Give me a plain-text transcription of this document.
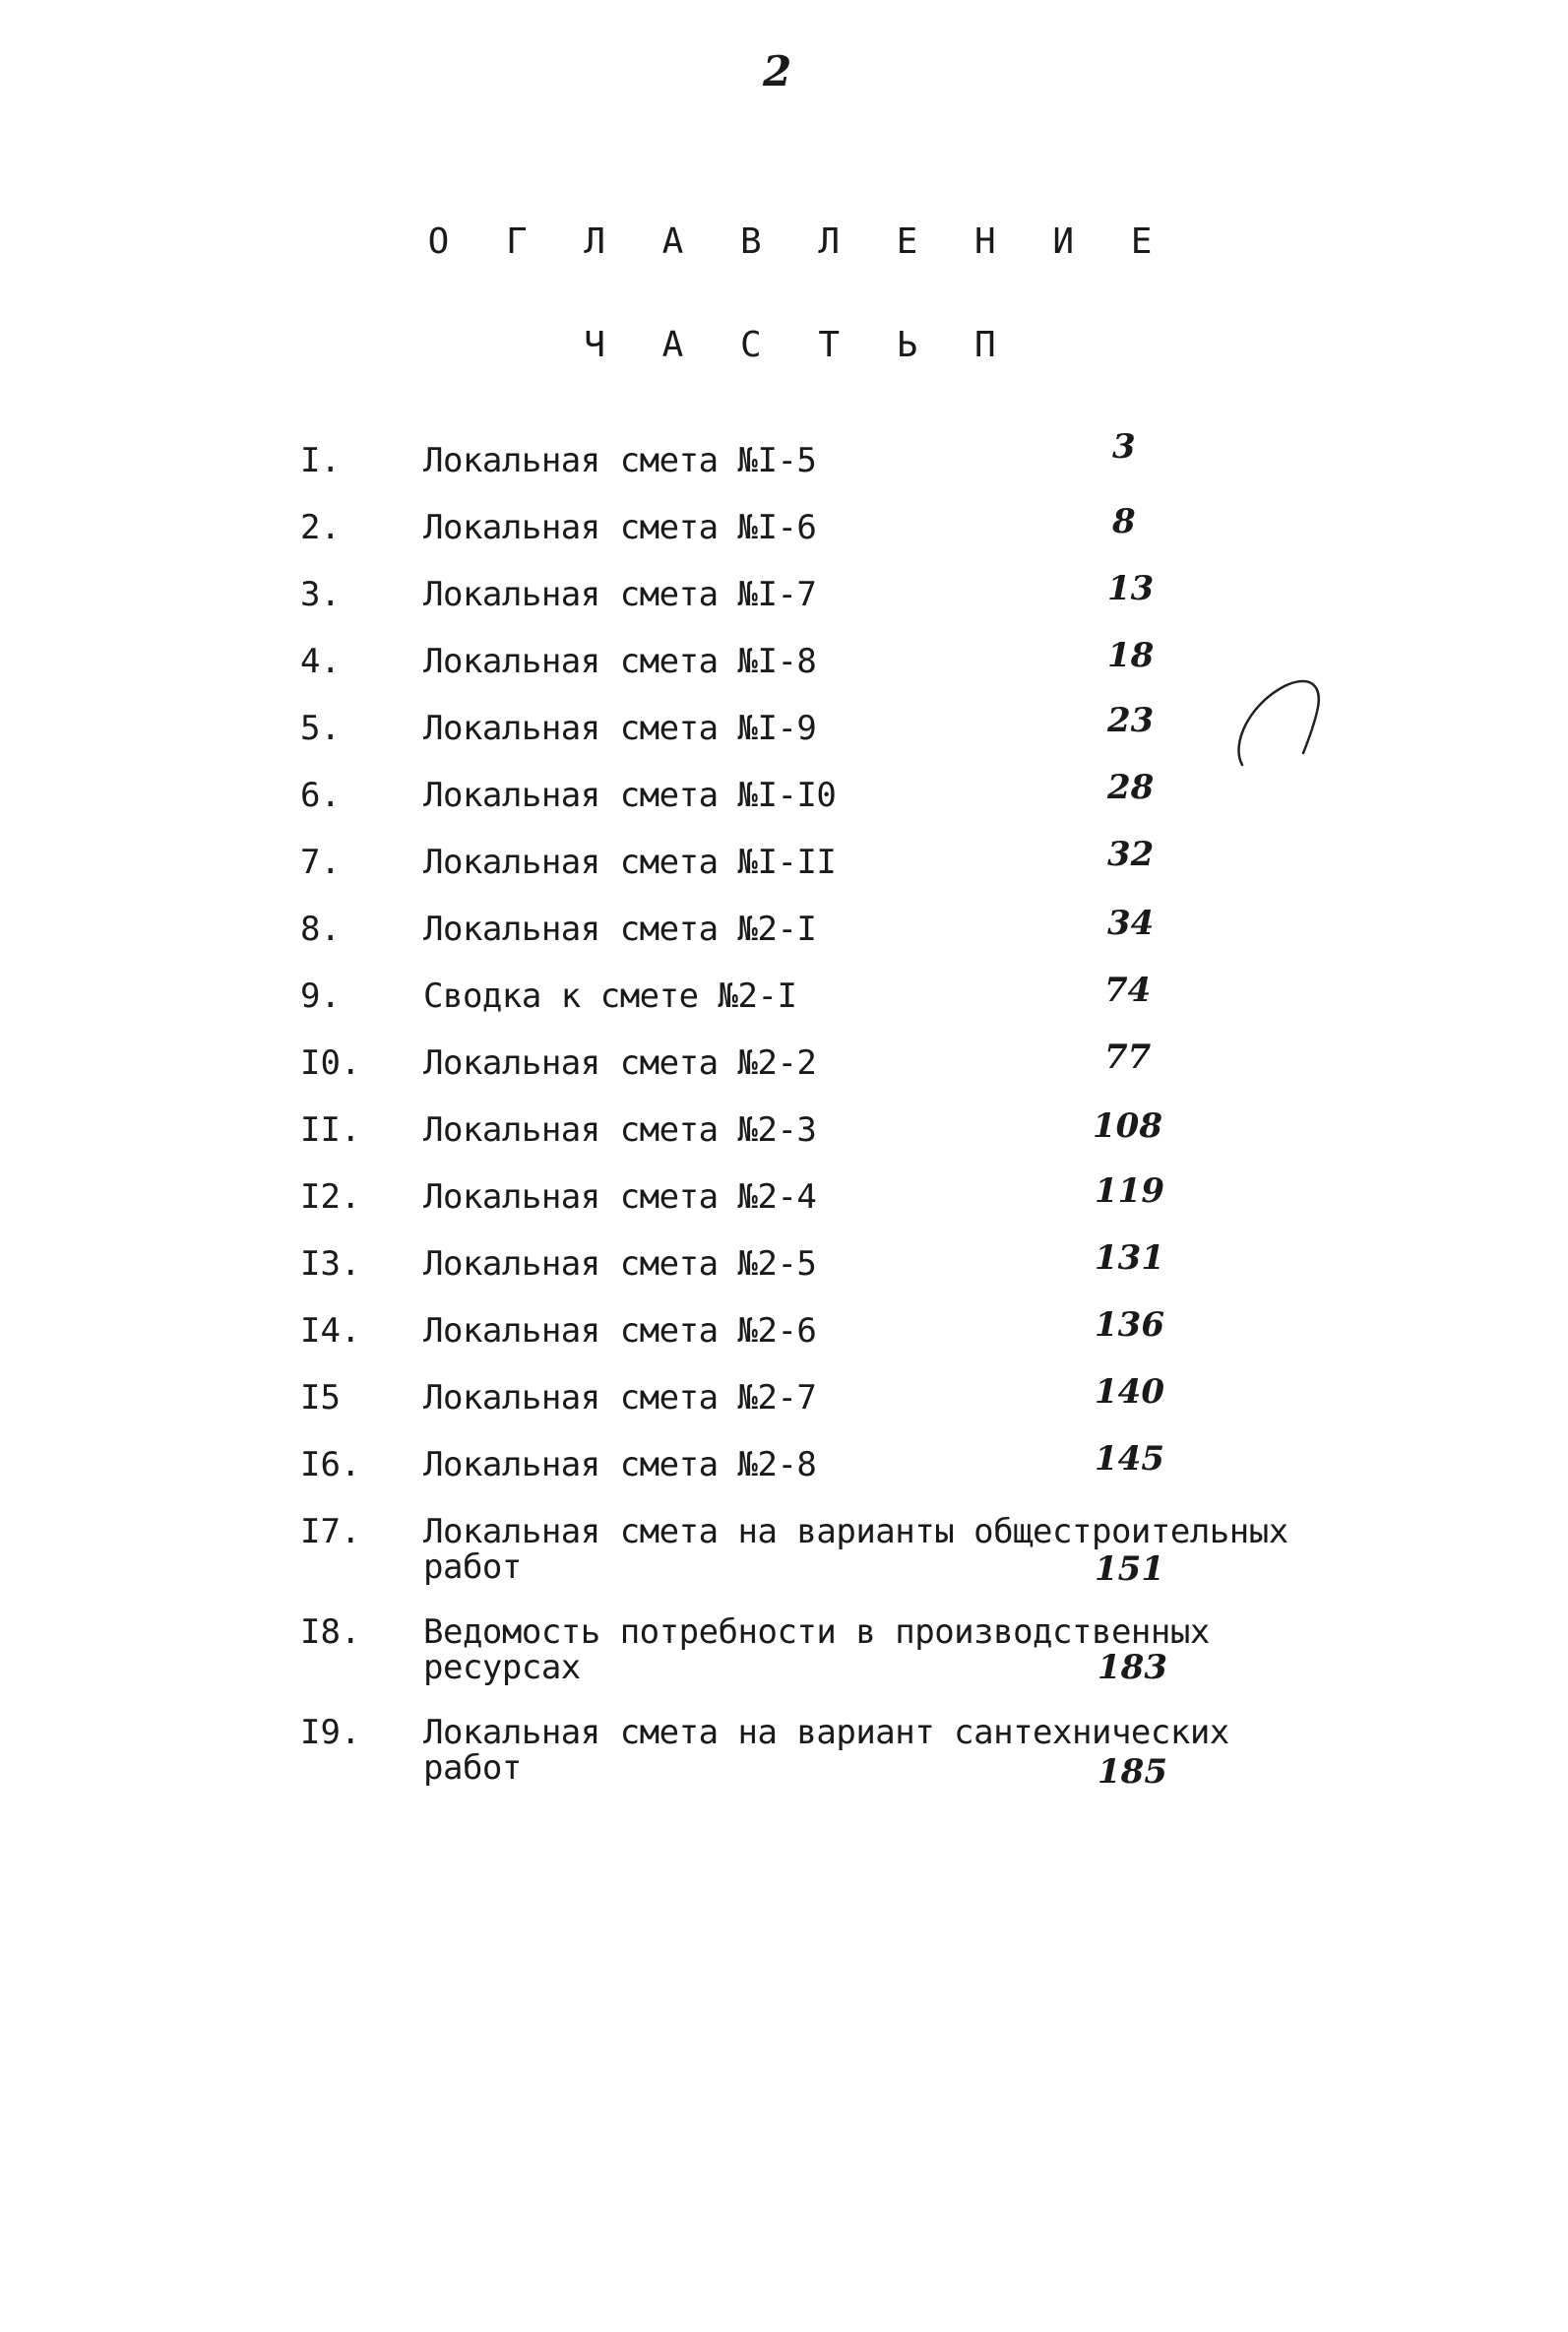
2
О Г Л А В Л Е Н И Е
Ч А С Т Ь П
I. Локальная смета №I-5	3
2. Локальная смета №I-6	8
3. Локальная смета №I-7	13
4. Локальная смета №I-8	18
5. Локальная смета №I-9	23
6. Локальная смета №I-I0	28
7. Локальная смета №I-II	32
8. Локальная смета №2-I	34
9. Сводка к смете №2-I	74
I0. Локальная смета №2-2	77
II. Локальная смета №2-3	108
I2. Локальная смета №2-4	119
I3. Локальная смета №2-5	131
I4. Локальная смета №2-6	136
I5 Локальная смета №2-7	140
I6. Локальная смета №2-8	145
I7. Локальная смета на варианты общестроительных работ	151
I8. Ведомость потребности в производственных ресурсах	183
I9. Локальная смета на вариант сантехнических работ	185
